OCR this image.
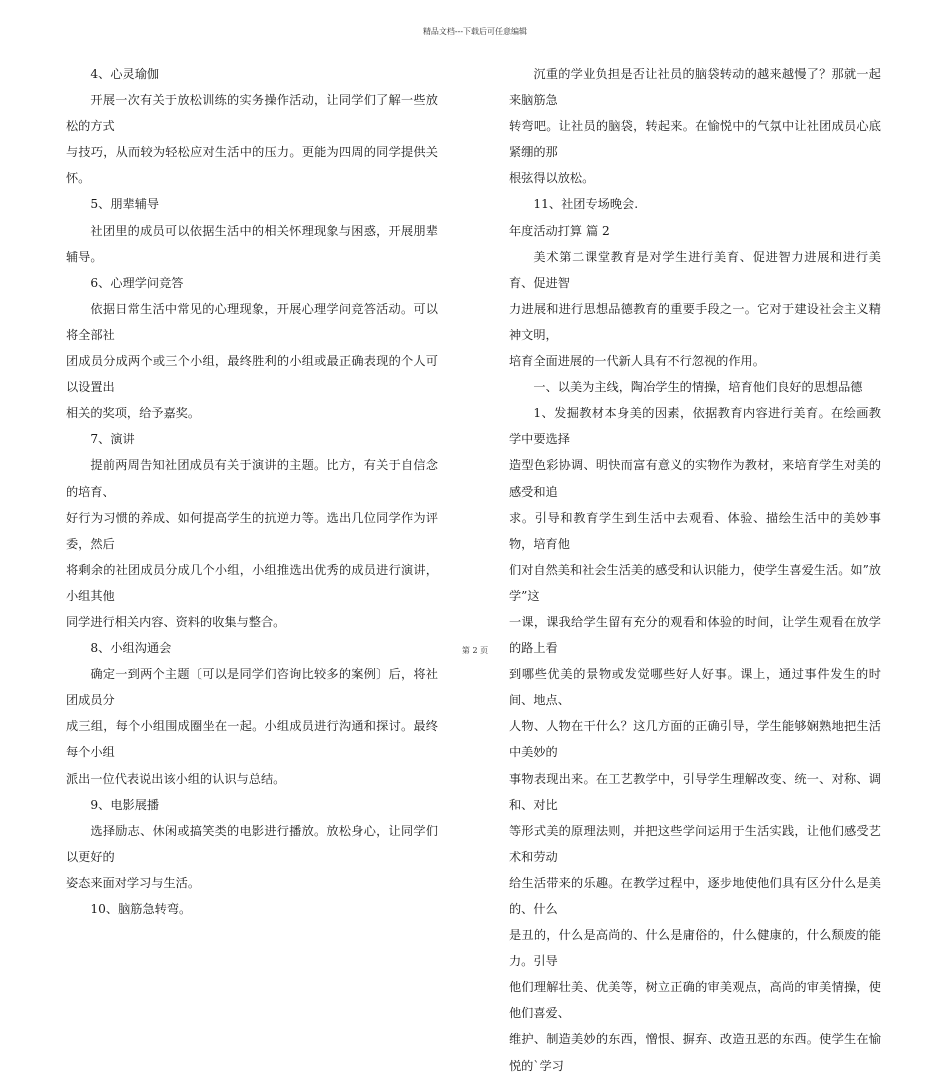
精品文档---下载后可任意编辑

4、心灵瑜伽

开展一次有关于放松训练的实务操作活动，让同学们了解一些放松的方式
与技巧，从而较为轻松应对生活中的压力。更能为四周的同学提供关怀。

5、朋辈辅导

社团里的成员可以依据生活中的相关怀理现象与困惑，开展朋辈辅导。

6、心理学问竞答

依据日常生活中常见的心理现象，开展心理学问竞答活动。可以将全部社
团成员分成两个或三个小组，最终胜利的小组或最正确表现的个人可以设置出
相关的奖项，给予嘉奖。

7、演讲

提前两周告知社团成员有关于演讲的主题。比方，有关于自信念的培育、
好行为习惯的养成、如何提高学生的抗逆力等。选出几位同学作为评委，然后
将剩余的社团成员分成几个小组，小组推选出优秀的成员进行演讲，小组其他
同学进行相关内容、资料的收集与整合。

8、小组沟通会

确定一到两个主题〔可以是同学们咨询比较多的案例〕后，将社团成员分
成三组，每个小组围成圈坐在一起。小组成员进行沟通和探讨。最终每个小组
派出一位代表说出该小组的认识与总结。

9、电影展播

选择励志、休闲或搞笑类的电影进行播放。放松身心，让同学们以更好的
姿态来面对学习与生活。

10、脑筋急转弯。

沉重的学业负担是否让社员的脑袋转动的越来越慢了？那就一起来脑筋急
转弯吧。让社员的脑袋，转起来。在愉悦中的气氛中让社团成员心底紧绷的那
根弦得以放松。

11、社团专场晚会.

年度活动打算 篇 2

美术第二课堂教育是对学生进行美育、促进智力进展和进行美育、促进智
力进展和进行思想品德教育的重要手段之一。它对于建设社会主义精神文明，
培育全面进展的一代新人具有不行忽视的作用。

一、以美为主线，陶冶学生的情操，培育他们良好的思想品德

1、发掘教材本身美的因素，依据教育内容进行美育。在绘画教学中要选择
造型色彩协调、明快而富有意义的实物作为教材，来培育学生对美的感受和追
求。引导和教育学生到生活中去观看、体验、描绘生活中的美妙事物，培育他
们对自然美和社会生活美的感受和认识能力，使学生喜爱生活。如”放学”这
一课，课我给学生留有充分的观看和体验的时间，让学生观看在放学的路上看
到哪些优美的景物或发觉哪些好人好事。课上，通过事件发生的时间、地点、
人物、人物在干什么？这几方面的正确引导，学生能够娴熟地把生活中美妙的
事物表现出来。在工艺教学中，引导学生理解改变、统一、对称、调和、对比
等形式美的原理法则，并把这些学问运用于生活实践，让他们感受艺术和劳动
给生活带来的乐趣。在教学过程中，逐步地使他们具有区分什么是美的、什么
是丑的，什么是高尚的、什么是庸俗的，什么健康的，什么颓废的能力。引导
他们理解壮美、优美等，树立正确的审美观点，高尚的审美情操，使他们喜爱、
维护、制造美妙的东西，憎恨、摒弃、改造丑恶的东西。使学生在愉悦的`学习

第 2 页
